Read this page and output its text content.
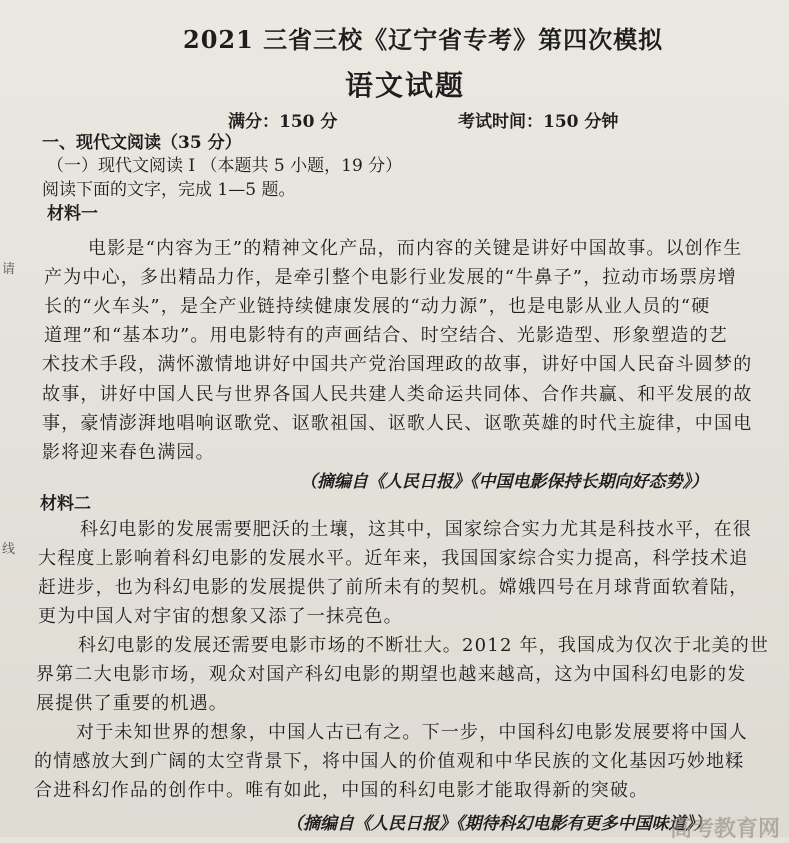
2021 三省三校《辽宁省专考》第四次模拟
语文试题
满分：150 分	考试时间：150 分钟
一、现代文阅读（35 分）
（一）现代文阅读 I （本题共 5 小题，19 分）
阅读下面的文字，完成 1—5 题。
材料一
电影是“内容为王”的精神文化产品，而内容的关键是讲好中国故事。以创作生
产为中心，多出精品力作，是牵引整个电影行业发展的“牛鼻子”，拉动市场票房增
长的“火车头”，是全产业链持续健康发展的“动力源”，也是电影从业人员的“硬
道理”和“基本功”。用电影特有的声画结合、时空结合、光影造型、形象塑造的艺
术技术手段，满怀激情地讲好中国共产党治国理政的故事，讲好中国人民奋斗圆梦的
故事，讲好中国人民与世界各国人民共建人类命运共同体、合作共赢、和平发展的故
事，豪情澎湃地唱响讴歌党、讴歌祖国、讴歌人民、讴歌英雄的时代主旋律，中国电
影将迎来春色满园。
（摘编自《人民日报》《中国电影保持长期向好态势》）
材料二
科幻电影的发展需要肥沃的土壤，这其中，国家综合实力尤其是科技水平，在很
大程度上影响着科幻电影的发展水平。近年来，我国国家综合实力提高，科学技术追
赶进步，也为科幻电影的发展提供了前所未有的契机。嫦娥四号在月球背面软着陆，
更为中国人对宇宙的想象又添了一抹亮色。
科幻电影的发展还需要电影市场的不断壮大。2012 年，我国成为仅次于北美的世
界第二大电影市场，观众对国产科幻电影的期望也越来越高，这为中国科幻电影的发
展提供了重要的机遇。
对于未知世界的想象，中国人古已有之。下一步，中国科幻电影发展要将中国人
的情感放大到广阔的太空背景下，将中国人的价值观和中华民族的文化基因巧妙地糅
合进科幻作品的创作中。唯有如此，中国的科幻电影才能取得新的突破。
（摘编自《人民日报》《期待科幻电影有更多中国味道》）
请
线
高考教育网
